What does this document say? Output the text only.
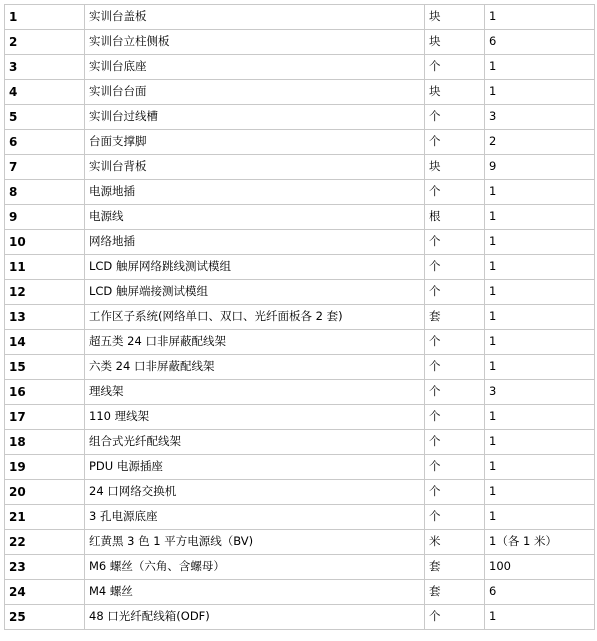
1	实训台盖板	块	1
2	实训台立柱侧板	块	6
3	实训台底座	个	1
4	实训台台面	块	1
5	实训台过线槽	个	3
6	台面支撑脚	个	2
7	实训台背板	块	9
8	电源地插	个	1
9	电源线	根	1
10	网络地插	个	1
11	LCD 触屏网络跳线测试模组	个	1
12	LCD 触屏端接测试模组	个	1
13	工作区子系统(网络单口、双口、光纤面板各 2 套)	套	1
14	超五类 24 口非屏蔽配线架	个	1
15	六类 24 口非屏蔽配线架	个	1
16	理线架	个	3
17	110 理线架	个	1
18	组合式光纤配线架	个	1
19	PDU 电源插座	个	1
20	24 口网络交换机	个	1
21	3 孔电源底座	个	1
22	红黄黑 3 色 1 平方电源线（BV)	米	1（各 1 米）
23	M6 螺丝（六角、含螺母）	套	100
24	M4 螺丝	套	6
25	48 口光纤配线箱(ODF)	个	1
